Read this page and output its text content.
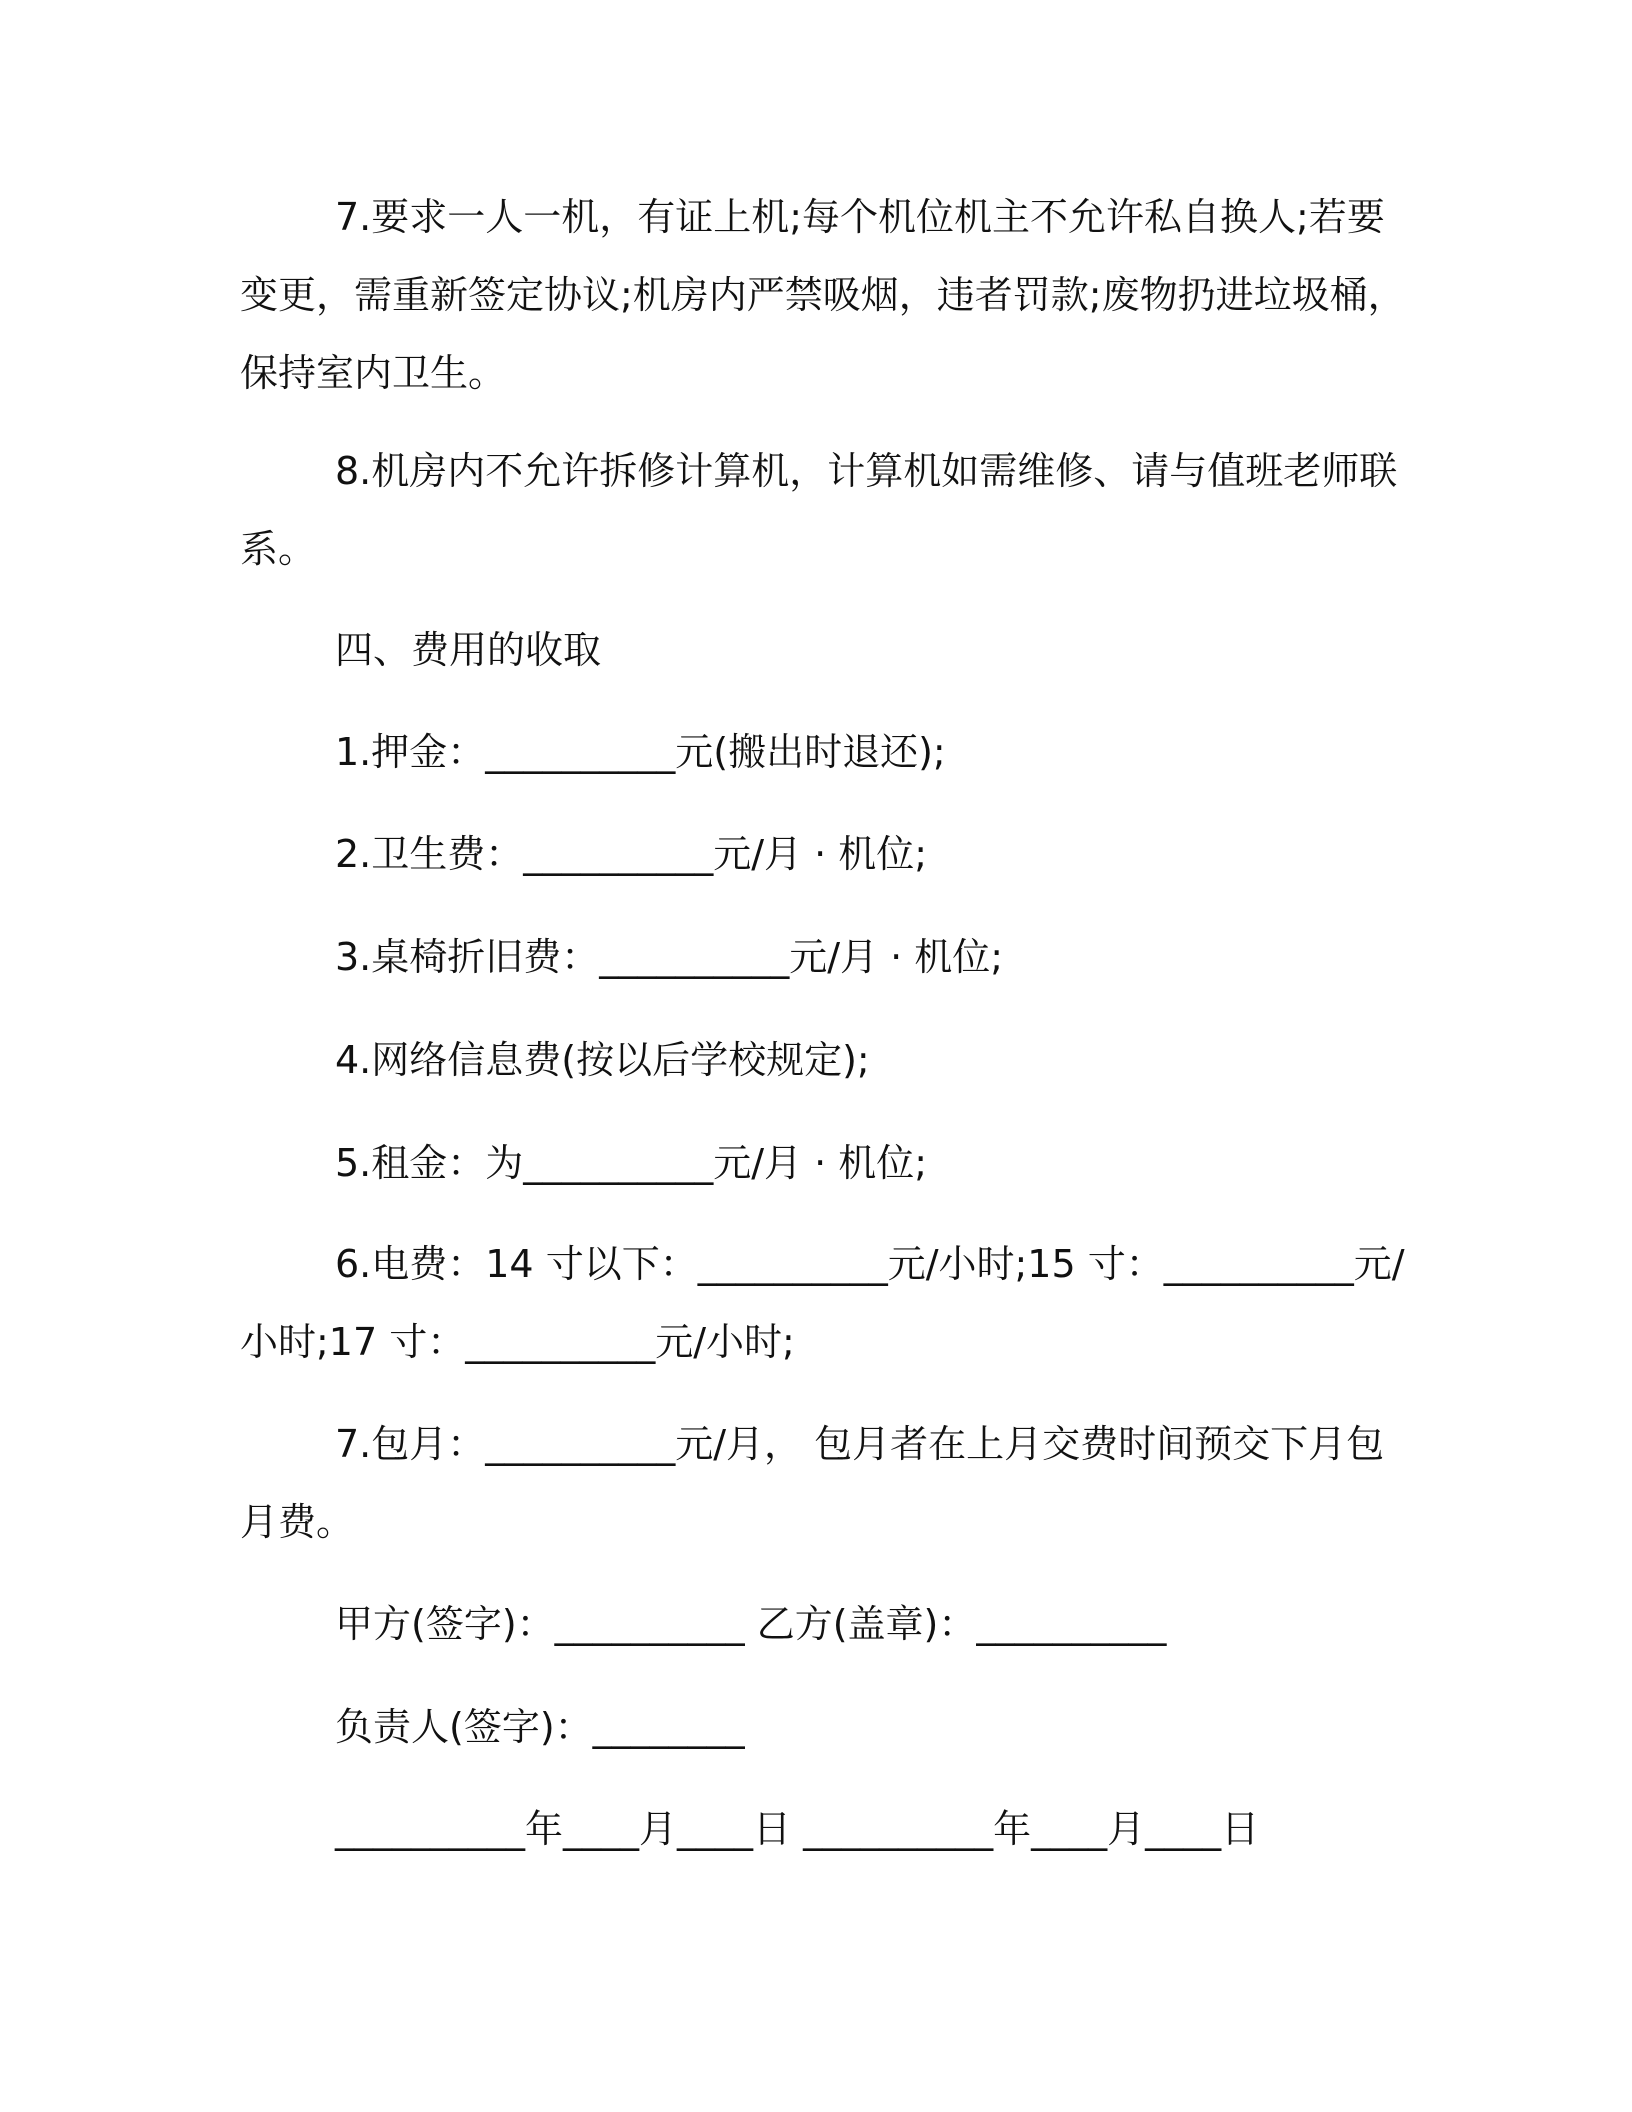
7.要求一人一机，有证上机;每个机位机主不允许私自换人;若要
变更，需重新签定协议;机房内严禁吸烟，违者罚款;废物扔进垃圾桶，
保持室内卫生。

8.机房内不允许拆修计算机，计算机如需维修、请与值班老师联
系。

四、费用的收取

1.押金：__________元(搬出时退还);

2.卫生费：__________元/月 · 机位;

3.桌椅折旧费：__________元/月 · 机位;

4.网络信息费(按以后学校规定);

5.租金：为__________元/月 · 机位;

6.电费：14 寸以下：__________元/小时;15 寸：__________元/
小时;17 寸：__________元/小时;

7.包月：__________元/月， 包月者在上月交费时间预交下月包
月费。

甲方(签字)：__________ 乙方(盖章)：__________

负责人(签字)：________

__________年____月____日 __________年____月____日
